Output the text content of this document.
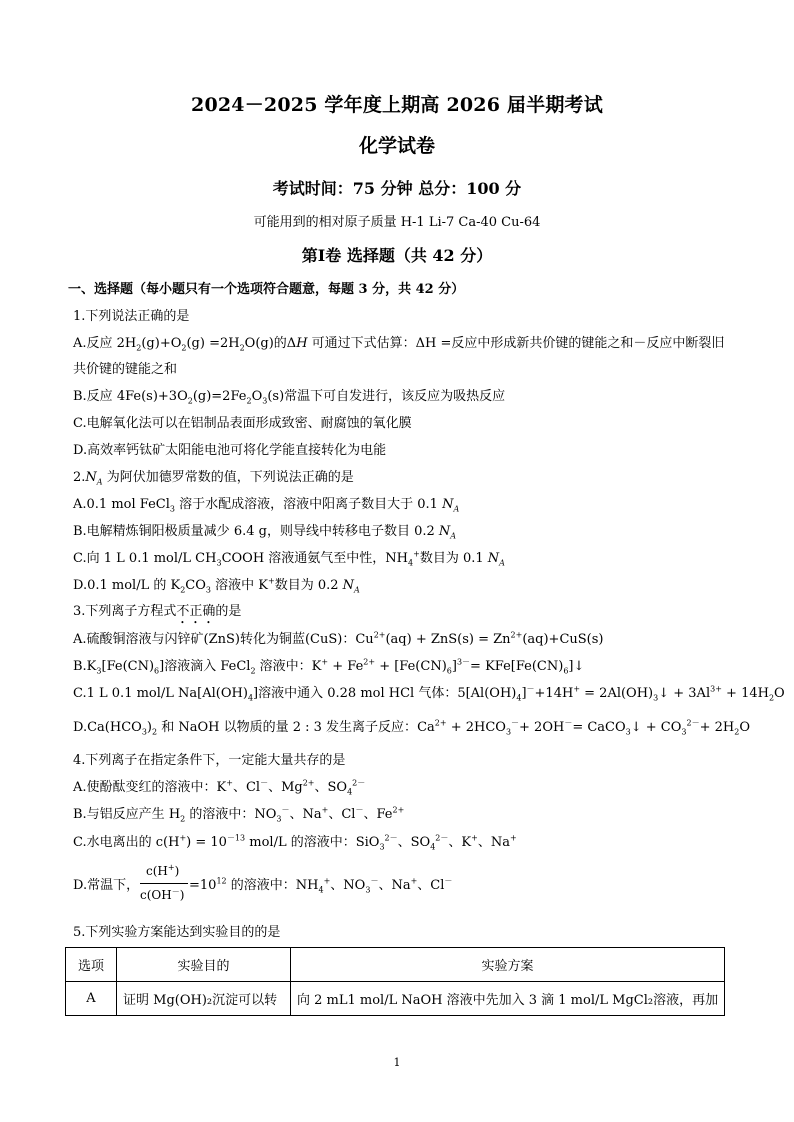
2024－2025 学年度上期高 2026 届半期考试
化学试卷
考试时间：75 分钟 总分：100 分
可能用到的相对原子质量 H-1 Li-7 Ca-40 Cu-64
第Ⅰ卷 选择题（共 42 分）
一、选择题（每小题只有一个选项符合题意，每题 3 分，共 42 分）
1.下列说法正确的是
A.反应 $2H_2(g)+O_2(g) =2H_2O(g)$的ΔH 可通过下式估算：ΔH =反应中形成新共价键的键能之和－反应中断裂旧
共价键的键能之和
B.反应 $4Fe(s)+3O_2(g)=2Fe_2O_3(s)$常温下可自发进行，该反应为吸热反应
C.电解氧化法可以在铝制品表面形成致密、耐腐蚀的氧化膜
D.高效率钙钛矿太阳能电池可将化学能直接转化为电能
$2.N_A$ 为阿伏加德罗常数的值，下列说法正确的是
A.0.1 mol FeCl$_3$ 溶于水配成溶液，溶液中阳离子数目大于 0.1 $N_A$
B.电解精炼铜阳极质量减少 6.4 g，则导线中转移电子数目 0.2 $N_A$
C.向 1 L 0.1 mol/L $CH_3COOH$ 溶液通氨气至中性，$NH_4^+$数目为 0.1 $N_A$
D.0.1 mol/L 的 $K_2CO_3$ 溶液中 K+数目为 0.2 $N_A$
3.下列离子方程式不正确的是
A.硫酸铜溶液与闪锌矿(ZnS)转化为铜蓝(CuS)：$Cu^{2+}(aq) + ZnS(s) = Zn^{2+}(aq)+CuS(s)$
$B.K_3[Fe(CN)_6]$溶液滴入 FeCl$_2$ 溶液中：$K^+ + Fe^{2+} + [Fe(CN)_6]^{3-}=$ $KFe[Fe(CN)_6]↓$
C.1 L 0.1 mol/L $Na[Al(OH)_4]$溶液中通入 0.28 mol HCl 气体：$5[Al(OH)_4]^-+14H^+$ = $2Al(OH)_3↓ + 3Al^{3+} + 14H_2O$
$D.Ca(HCO_3)_2$ 和 NaOH 以物质的量 2 : 3 发生离子反应：$Ca^{2+} + 2HCO_3^-+ 2OH^-=$ CaCO$_3$↓ + $CO_3^{2-}+ 2H_2O$
4.下列离子在指定条件下，一定能大量共存的是
A.使酚酞变红的溶液中：K+、Cl－、$Mg^{2+}$、$SO_4^{2-}$
B.与铝反应产生 $H_2$ 的溶液中：$NO_3^-$、Na+、Cl－、$Fe^{2+}$
C.水电离出的 $c(H^+) = 10^{-13}$ mol/L 的溶液中：SiO$_3^{2-}$、$SO_4^{2-}$、K+、Na+
D.常温下，
c(H+)
c(OH－)
$=10^{12}$ 的溶液中：$NH_4^+$、$NO_3^-$、Na+、Cl－
5.下列实验方案能达到实验目的的是
选项	实验目的	实验方案
A	证明 Mg(OH)₂沉淀可以转	向 2 mL1 mol/L NaOH 溶液中先加入 3 滴 1 mol/L MgCl₂溶液，再加
1
